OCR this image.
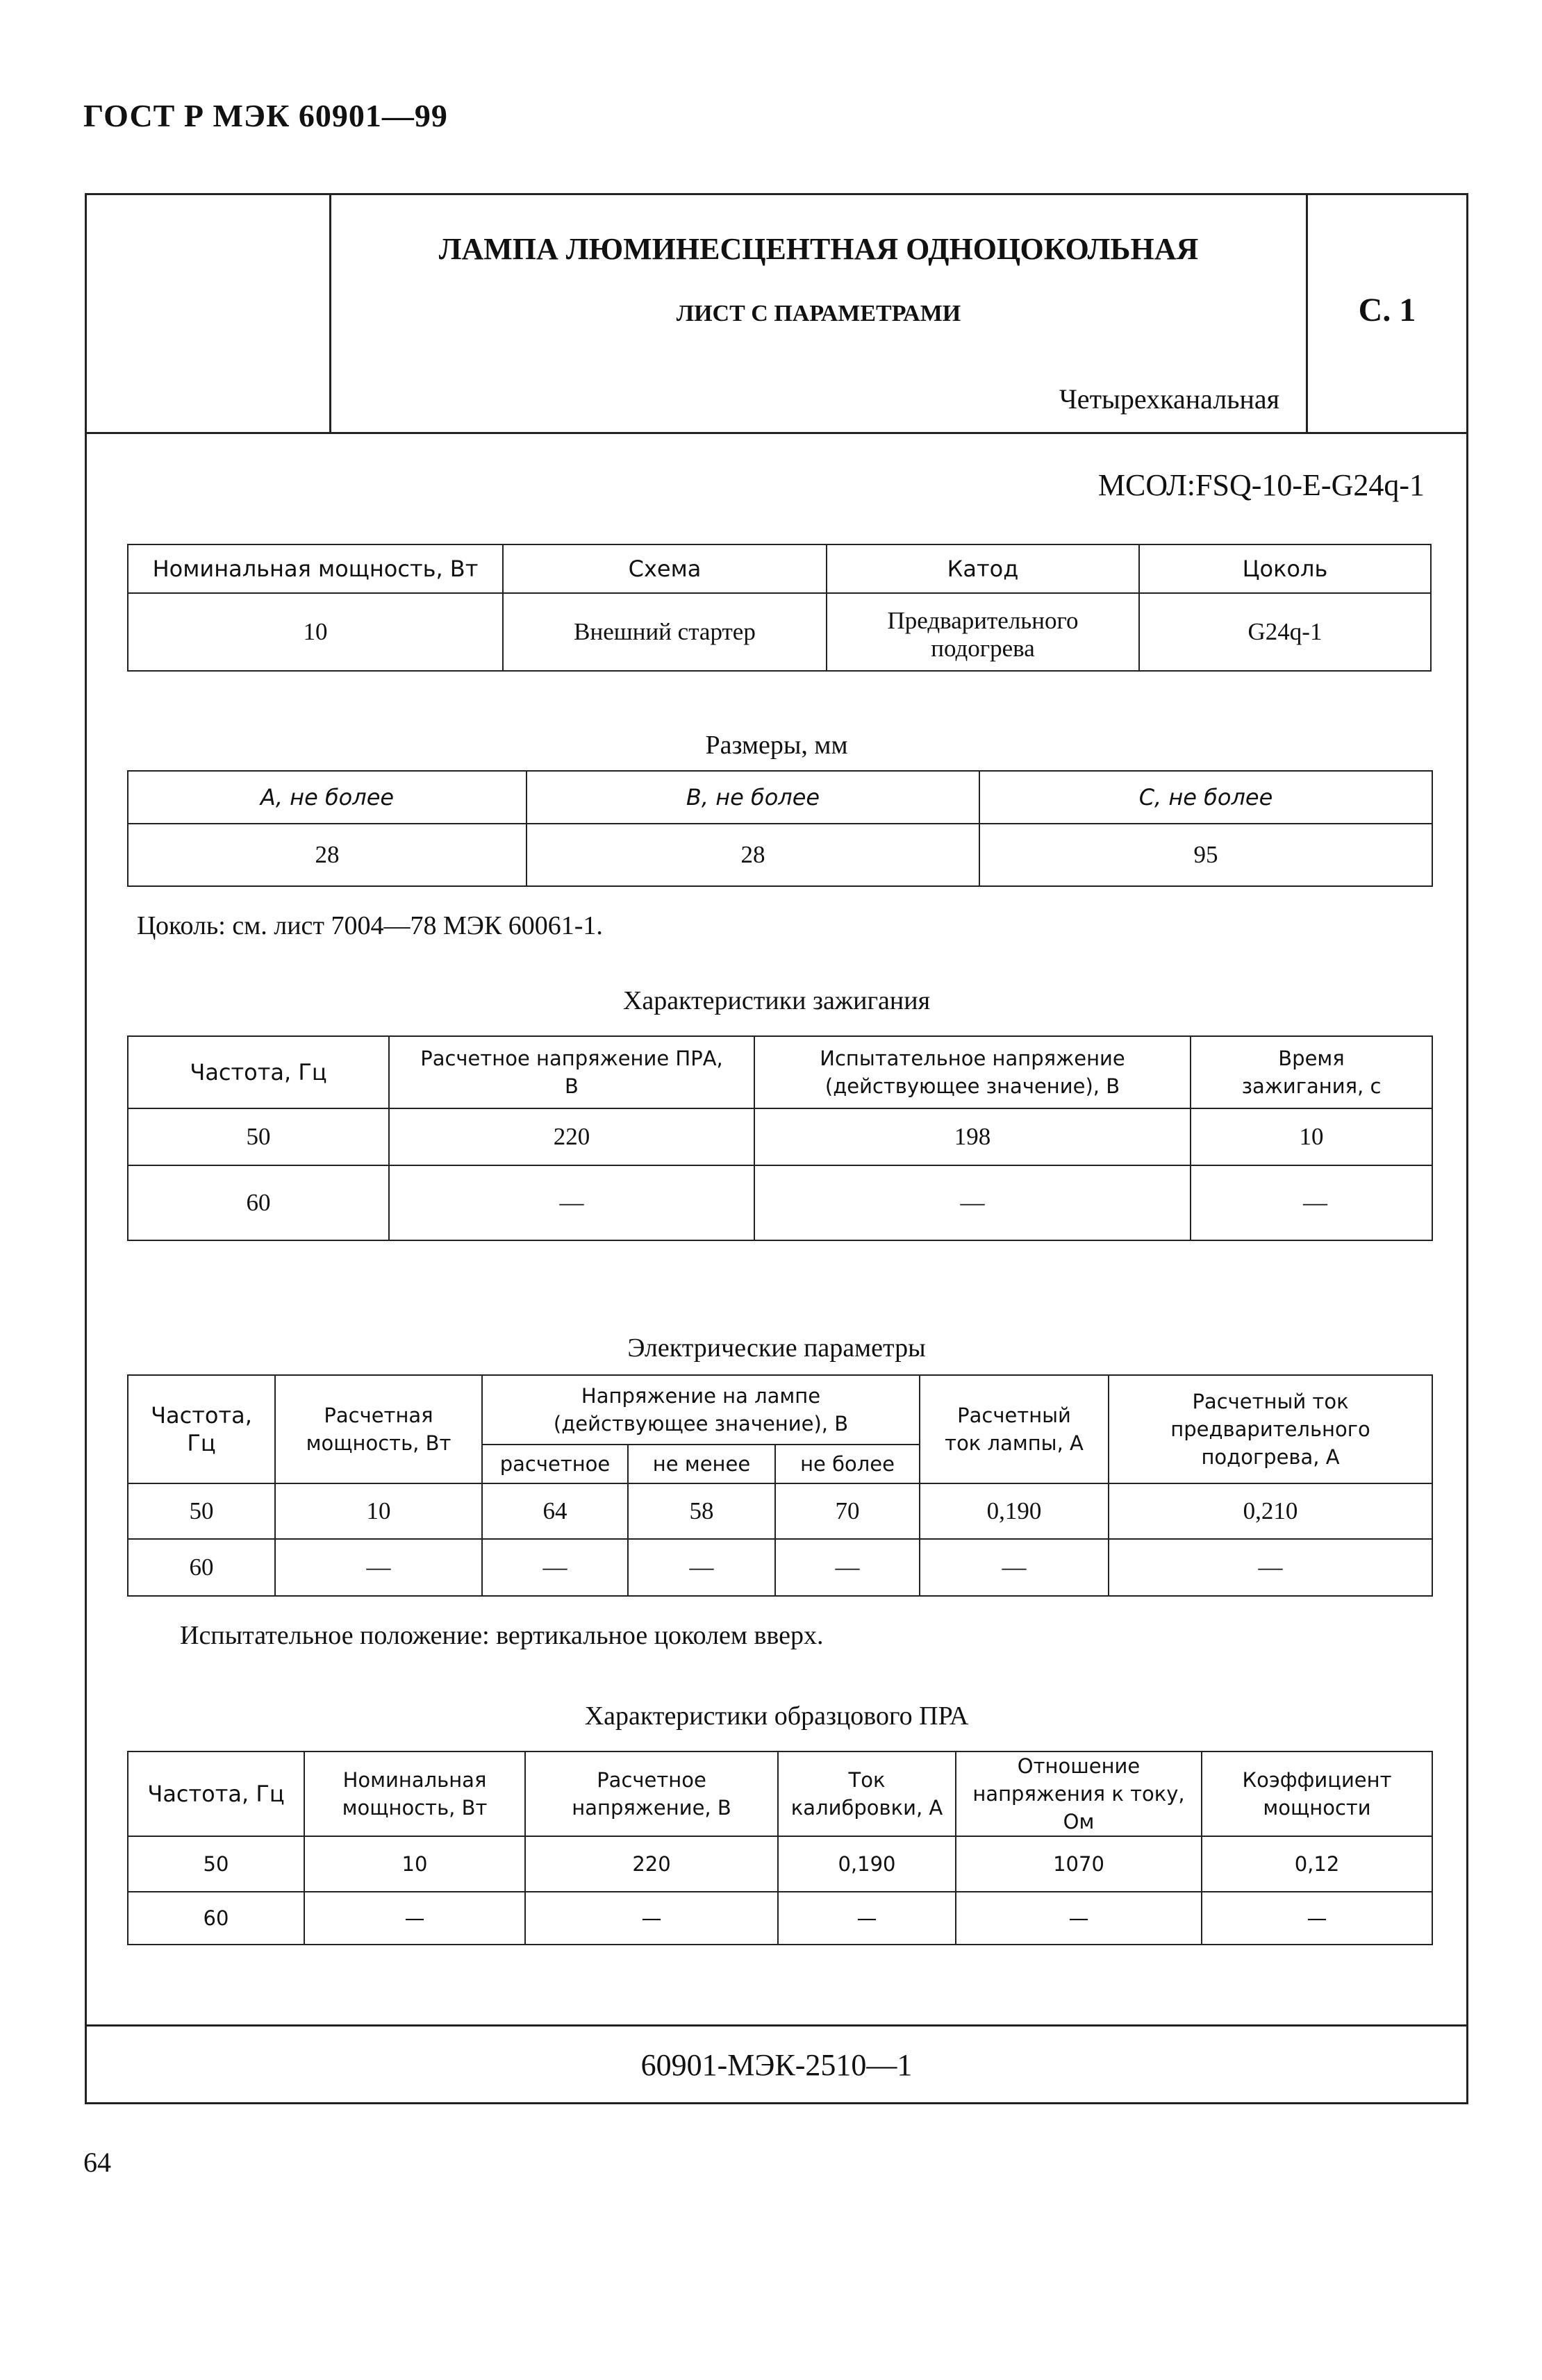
ГОСТ Р МЭК 60901—99
ЛАМПА ЛЮМИНЕСЦЕНТНАЯ ОДНОЦОКОЛЬНАЯ
ЛИСТ С ПАРАМЕТРАМИ
Четырехканальная
С. 1
МСОЛ:FSQ-10-E-G24q-1
Номинальная мощность, Вт	Схема	Катод	Цоколь
10	Внешний стартер	Предварительного подогрева	G24q-1
Размеры, мм
А, не более	В, не более	С, не более
28	28	95
Цоколь: см. лист 7004—78 МЭК 60061-1.
Характеристики зажигания
Частота, Гц	Расчетное напряжение ПРА, В	Испытательное напряжение (действующее значение), В	Время зажигания, с
50	220	198	10
60	—	—	—
Электрические параметры
Частота, Гц	Расчетная мощность, Вт	Напряжение на лампе (действующее значение), В			Расчетный ток лампы, А	Расчетный ток предварительного подогрева, А
		расчетное	не менее	не более		
50	10	64	58	70	0,190	0,210
60	—	—	—	—	—	—
Испытательное положение: вертикальное цоколем вверх.
Характеристики образцового ПРА
Частота, Гц	Номинальная мощность, Вт	Расчетное напряжение, В	Ток калибровки, А	Отношение напряжения к току, Ом	Коэффициент мощности
50	10	220	0,190	1070	0,12
60	—	—	—	—	—
60901-МЭК-2510—1
64
